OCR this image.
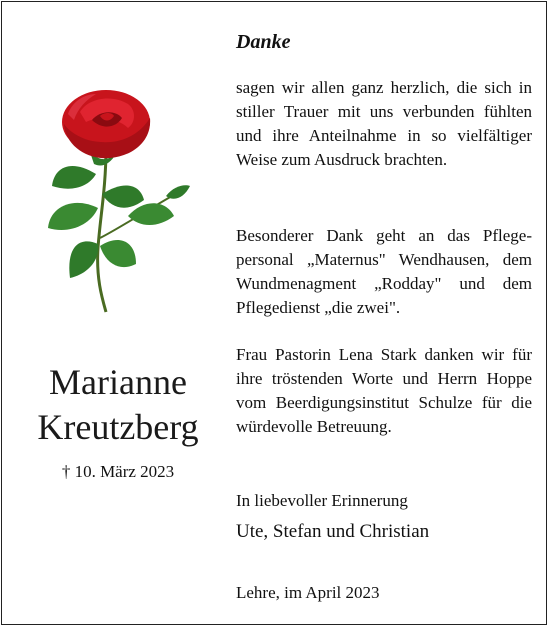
Marianne
Kreutzberg
† 10. März 2023
Danke
sagen wir allen ganz herzlich, die sich in stiller Trauer mit uns verbunden fühlten und ihre Anteilnahme in so vielfältiger Weise zum Ausdruck brachten.
Besonderer Dank geht an das Pflege-personal „Maternus" Wendhausen, dem Wundmenagment „Rodday" und dem Pflegedienst „die zwei".
Frau Pastorin Lena Stark danken wir für ihre tröstenden Worte und Herrn Hoppe vom Beerdigungsinstitut Schulze für die würdevolle Betreuung.
In liebevoller Erinnerung
Ute, Stefan und Christian
Lehre, im April 2023
